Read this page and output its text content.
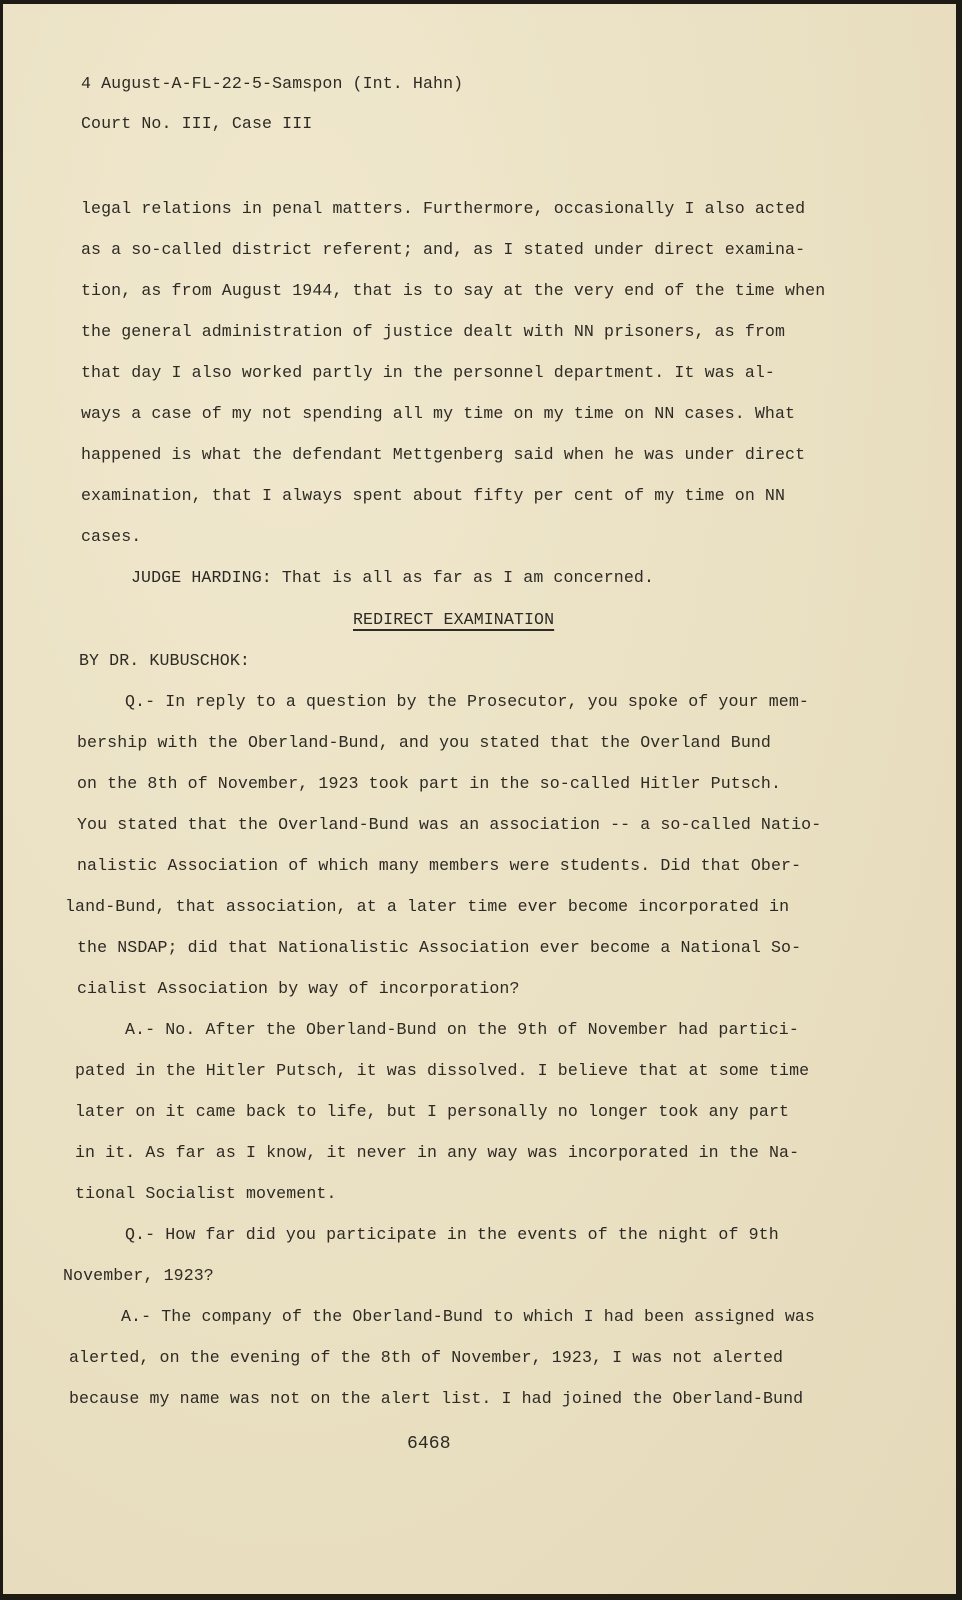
4 August-A-FL-22-5-Samspon (Int. Hahn)
Court No. III, Case III
legal relations in penal matters. Furthermore, occasionally I also acted
as a so-called district referent; and, as I stated under direct examina-
tion, as from August 1944, that is to say at the very end of the time when
the general administration of justice dealt with NN prisoners, as from
that day I also worked partly in the personnel department. It was al-
ways a case of my not spending all my time on my time on NN cases. What
happened is what the defendant Mettgenberg said when he was under direct
examination, that I always spent about fifty per cent of my time on NN
cases.
JUDGE HARDING: That is all as far as I am concerned.
REDIRECT EXAMINATION
BY DR. KUBUSCHOK:
Q.- In reply to a question by the Prosecutor, you spoke of your mem-
bership with the Oberland-Bund, and you stated that the Overland Bund
on the 8th of November, 1923 took part in the so-called Hitler Putsch.
You stated that the Overland-Bund was an association -- a so-called Natio-
nalistic Association of which many members were students. Did that Ober-
land-Bund, that association, at a later time ever become incorporated in
the NSDAP; did that Nationalistic Association ever become a National So-
cialist Association by way of incorporation?
A.- No. After the Oberland-Bund on the 9th of November had partici-
pated in the Hitler Putsch, it was dissolved. I believe that at some time
later on it came back to life, but I personally no longer took any part
in it. As far as I know, it never in any way was incorporated in the Na-
tional Socialist movement.
Q.- How far did you participate in the events of the night of 9th
November, 1923?
A.- The company of the Oberland-Bund to which I had been assigned was
alerted, on the evening of the 8th of November, 1923, I was not alerted
because my name was not on the alert list. I had joined the Oberland-Bund
6468
